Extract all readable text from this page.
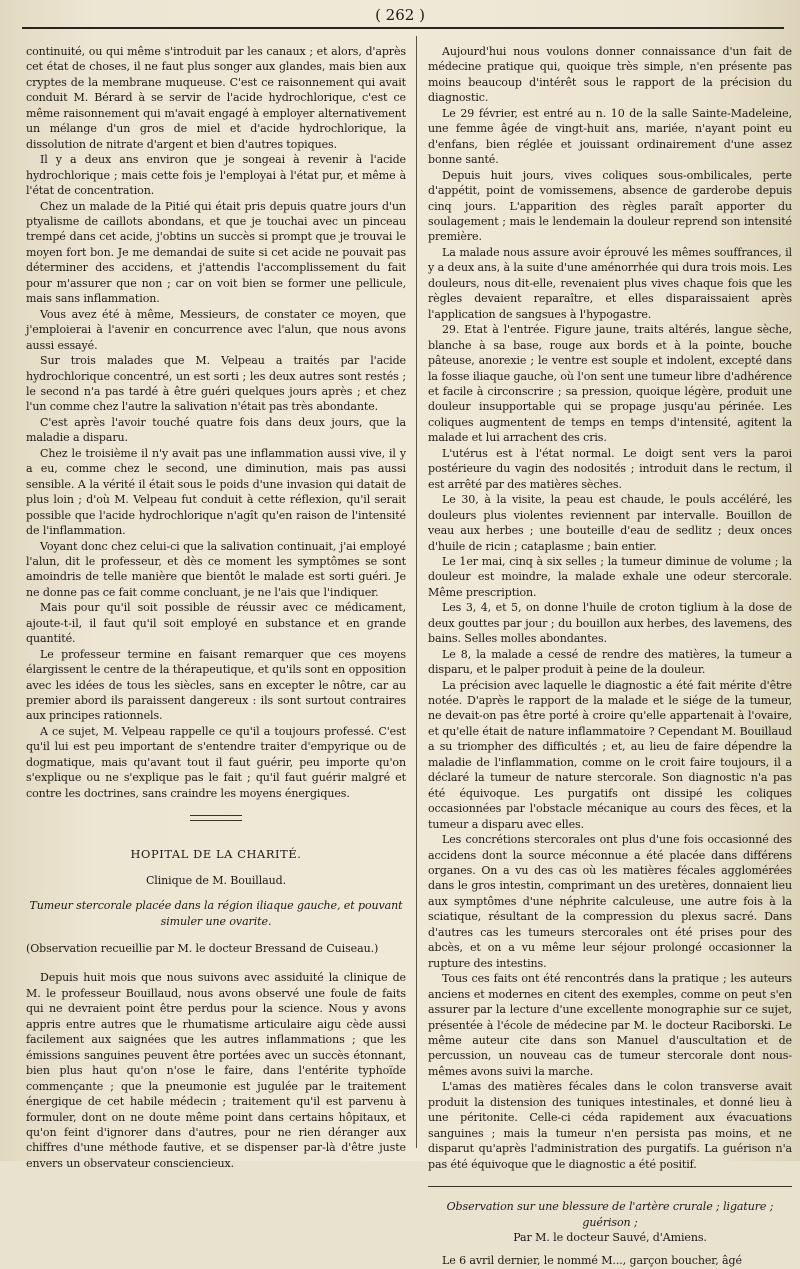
( 262 )

continuité, ou qui même s'introduit par les canaux ; et alors, d'après cet état de choses, il ne faut plus songer aux glandes, mais bien aux cryptes de la membrane muqueuse. C'est ce raisonnement qui avait conduit M. Bérard à se servir de l'acide hydrochlorique, c'est ce même raisonnement qui m'avait engagé à employer alternativement un mélange d'un gros de miel et d'acide hydrochlorique, la dissolution de nitrate d'argent et bien d'autres topiques.

Il y a deux ans environ que je songeai à revenir à l'acide hydrochlorique ; mais cette fois je l'employai à l'état pur, et même à l'état de concentration.

Chez un malade de la Pitié qui était pris depuis quatre jours d'un ptyalisme de caillots abondans, et que je touchai avec un pinceau trempé dans cet acide, j'obtins un succès si prompt que je trouvai le moyen fort bon. Je me demandai de suite si cet acide ne pouvait pas déterminer des accidens, et j'attendis l'accomplissement du fait pour m'assurer que non ; car on voit bien se former une pellicule, mais sans inflammation.

Vous avez été à même, Messieurs, de constater ce moyen, que j'emploierai à l'avenir en concurrence avec l'alun, que nous avons aussi essayé.

Sur trois malades que M. Velpeau a traités par l'acide hydrochlorique concentré, un est sorti ; les deux autres sont restés ; le second n'a pas tardé à être guéri quelques jours après ; et chez l'un comme chez l'autre la salivation n'était pas très abondante.

C'est après l'avoir touché quatre fois dans deux jours, que la maladie a disparu.

Chez le troisième il n'y avait pas une inflammation aussi vive, il y a eu, comme chez le second, une diminution, mais pas aussi sensible. A la vérité il était sous le poids d'une invasion qui datait de plus loin ; d'où M. Velpeau fut conduit à cette réflexion, qu'il serait possible que l'acide hydrochlorique n'agît qu'en raison de l'intensité de l'inflammation.

Voyant donc chez celui-ci que la salivation continuait, j'ai employé l'alun, dit le professeur, et dès ce moment les symptômes se sont amoindris de telle manière que bientôt le malade est sorti guéri. Je ne donne pas ce fait comme concluant, je ne l'ais que l'indiquer.

Mais pour qu'il soit possible de réussir avec ce médicament, ajoute-t-il, il faut qu'il soit employé en substance et en grande quantité.

Le professeur termine en faisant remarquer que ces moyens élargissent le centre de la thérapeutique, et qu'ils sont en opposition avec les idées de tous les siècles, sans en excepter le nôtre, car au premier abord ils paraissent dangereux : ils sont surtout contraires aux principes rationnels.

A ce sujet, M. Velpeau rappelle ce qu'il a toujours professé. C'est qu'il lui est peu important de s'entendre traiter d'empyrique ou de dogmatique, mais qu'avant tout il faut guérir, peu importe qu'on s'explique ou ne s'explique pas le fait ; qu'il faut guérir malgré et contre les doctrines, sans craindre les moyens énergiques.

HOPITAL DE LA CHARITÉ.

Clinique de M. Bouillaud.

Tumeur stercorale placée dans la région iliaque gauche, et pouvant simuler une ovarite.

(Observation recueillie par M. le docteur Bressand de Cuiseau.)

Depuis huit mois que nous suivons avec assiduité la clinique de M. le professeur Bouillaud, nous avons observé une foule de faits qui ne devraient point être perdus pour la science. Nous y avons appris entre autres que le rhumatisme articulaire aigu cède aussi facilement aux saignées que les autres inflammations ; que les émissions sanguines peuvent être portées avec un succès étonnant, bien plus haut qu'on n'ose le faire, dans l'entérite typhoïde commençante ; que la pneumonie est jugulée par le traitement énergique de cet habile médecin ; traitement qu'il est parvenu à formuler, dont on ne doute même point dans certains hôpitaux, et qu'on feint d'ignorer dans d'autres, pour ne rien déranger aux chiffres d'une méthode fautive, et se dispenser par-là d'être juste envers un observateur consciencieux.

Aujourd'hui nous voulons donner connaissance d'un fait de médecine pratique qui, quoique très simple, n'en présente pas moins beaucoup d'intérêt sous le rapport de la précision du diagnostic.

Le 29 février, est entré au n. 10 de la salle Sainte-Madeleine, une femme âgée de vingt-huit ans, mariée, n'ayant point eu d'enfans, bien réglée et jouissant ordinairement d'une assez bonne santé.

Depuis huit jours, vives coliques sous-ombilicales, perte d'appétit, point de vomissemens, absence de garderobe depuis cinq jours. L'apparition des règles paraît apporter du soulagement ; mais le lendemain la douleur reprend son intensité première.

La malade nous assure avoir éprouvé les mêmes souffrances, il y a deux ans, à la suite d'une aménorrhée qui dura trois mois. Les douleurs, nous dit-elle, revenaient plus vives chaque fois que les règles devaient reparaître, et elles disparaissaient après l'application de sangsues à l'hypogastre.

29. Etat à l'entrée. Figure jaune, traits altérés, langue sèche, blanche à sa base, rouge aux bords et à la pointe, bouche pâteuse, anorexie ; le ventre est souple et indolent, excepté dans la fosse iliaque gauche, où l'on sent une tumeur libre d'adhérence et facile à circonscrire ; sa pression, quoique légère, produit une douleur insupportable qui se propage jusqu'au périnée. Les coliques augmentent de temps en temps d'intensité, agitent la malade et lui arrachent des cris.

L'utérus est à l'état normal. Le doigt sent vers la paroi postérieure du vagin des nodosités ; introduit dans le rectum, il est arrêté par des matières sèches.

Le 30, à la visite, la peau est chaude, le pouls accéléré, les douleurs plus violentes reviennent par intervalle. Bouillon de veau aux herbes ; une bouteille d'eau de sedlitz ; deux onces d'huile de ricin ; cataplasme ; bain entier.

Le 1er mai, cinq à six selles ; la tumeur diminue de volume ; la douleur est moindre, la malade exhale une odeur stercorale. Même prescription.

Les 3, 4, et 5, on donne l'huile de croton tiglium à la dose de deux gouttes par jour ; du bouillon aux herbes, des lavemens, des bains. Selles molles abondantes.

Le 8, la malade a cessé de rendre des matières, la tumeur a disparu, et le palper produit à peine de la douleur.

La précision avec laquelle le diagnostic a été fait mérite d'être notée. D'après le rapport de la malade et le siége de la tumeur, ne devait-on pas être porté à croire qu'elle appartenait à l'ovaire, et qu'elle était de nature inflammatoire ? Cependant M. Bouillaud a su triompher des difficultés ; et, au lieu de faire dépendre la maladie de l'inflammation, comme on le croit faire toujours, il a déclaré la tumeur de nature stercorale. Son diagnostic n'a pas été équivoque. Les purgatifs ont dissipé les coliques occasionnées par l'obstacle mécanique au cours des fèces, et la tumeur a disparu avec elles.

Les concrétions stercorales ont plus d'une fois occasionné des accidens dont la source méconnue a été placée dans différens organes. On a vu des cas où les matières fécales agglomérées dans le gros intestin, comprimant un des uretères, donnaient lieu aux symptômes d'une néphrite calculeuse, une autre fois à la sciatique, résultant de la compression du plexus sacré. Dans d'autres cas les tumeurs stercorales ont été prises pour des abcès, et on a vu même leur séjour prolongé occasionner la rupture des intestins.

Tous ces faits ont été rencontrés dans la pratique ; les auteurs anciens et modernes en citent des exemples, comme on peut s'en assurer par la lecture d'une excellente monographie sur ce sujet, présentée à l'école de médecine par M. le docteur Raciborski. Le même auteur cite dans son Manuel d'auscultation et de percussion, un nouveau cas de tumeur stercorale dont nous-mêmes avons suivi la marche.

L'amas des matières fécales dans le colon transverse avait produit la distension des tuniques intestinales, et donné lieu à une péritonite. Celle-ci céda rapidement aux évacuations sanguines ; mais la tumeur n'en persista pas moins, et ne disparut qu'après l'administration des purgatifs. La guérison n'a pas été équivoque que le diagnostic a été positif.

Observation sur une blessure de l'artère crurale ; ligature ; guérison ;

Par M. le docteur Sauvé, d'Amiens.

Le 6 avril dernier, le nommé M..., garçon boucher, âgé
